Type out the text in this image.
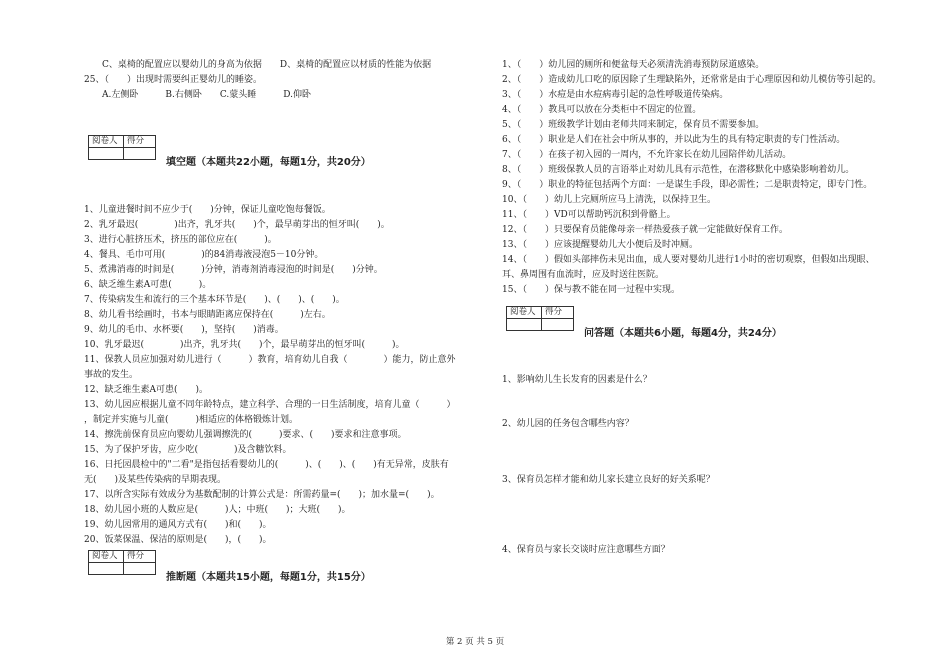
　　C、桌椅的配置应以婴幼儿的身高为依据　　D、桌椅的配置应以材质的性能为依据
25、（　　）出现时需要纠正婴幼儿的睡姿。
　　A.左侧卧　　　B.右侧卧　　C.蒙头睡　　　D.仰卧
阅卷人	得分

填空题（本题共22小题，每题1分，共20分）
1、儿童进餐时间不应少于(　　)分钟，保证儿童吃饱每餐饭。
2、乳牙最迟(　　　　)出齐，乳牙共(　　)个，最早萌芽出的恒牙叫(　　)。
3、进行心脏挤压术，挤压的部位应在(　　　)。
4、餐具、毛巾可用(　　　　)的84消毒液浸泡5－10分钟。
5、煮沸消毒的时间是(　　　)分钟，消毒剂消毒浸泡的时间是(　　)分钟。
6、缺乏维生素A可患(　　　)。
7、传染病发生和流行的三个基本环节是(　　)、(　　)、(　　)。
8、幼儿看书绘画时，书本与眼睛距离应保持在(　　　)左右。
9、幼儿的毛巾、水杯要(　　)，坚持(　　)消毒。
10、乳牙最迟(　　　　)出齐，乳牙共(　　)个，最早萌芽出的恒牙叫(　　　)。
11、保教人员应加强对幼儿进行（　　　）教育，培育幼儿自我（　　　　）能力，防止意外
事故的发生。
12、缺乏维生素A可患(　　)。
13、幼儿园应根据儿童不同年龄特点，建立科学、合理的一日生活制度，培育儿童（　　　）
，制定并实施与儿童(　　　)相适应的体格锻炼计划。
14、擦洗前保育员应向婴幼儿强调擦洗的(　　　)要求、(　　)要求和注意事项。
15、为了保护牙齿，应少吃(　　　　)及含糖饮料。
16、日托园晨检中的"二看"是指包括看婴幼儿的(　　　)、(　　)、(　　)有无异常，皮肤有
无(　　)及某些传染病的早期表现。
17、以所含实际有效成分为基数配制的计算公式是：所需药量=(　　)；加水量=(　　)。
18、幼儿园小班的人数应是(　　　)人；中班(　　)；大班(　　)。
19、幼儿园常用的通风方式有(　　)和(　　)。
20、饭菜保温、保洁的原则是(　　)，(　　)。
阅卷人	得分

推断题（本题共15小题，每题1分，共15分）
1、（　　）幼儿园的厕所和便盆每天必须清洗消毒预防尿道感染。
2、（　　）造成幼儿口吃的原因除了生理缺陷外，还常常是由于心理原因和幼儿模仿等引起的。
3、（　　）水痘是由水痘病毒引起的急性呼吸道传染病。
4、（　　）教具可以放在分类柜中不固定的位置。
5、（　　）班级教学计划由老师共同来制定，保育员不需要参加。
6、（　　）职业是人们在社会中所从事的，并以此为生的具有特定职责的专门性活动。
7、（　　）在孩子初入园的一周内，不允许家长在幼儿园陪伴幼儿活动。
8、（　　）班级保教人员的言语举止对幼儿具有示范性，在潜移默化中感染影响着幼儿。
9、（　　）职业的特征包括两个方面：一是谋生手段，即必需性；二是职责特定，即专门性。
10、（　　）幼儿上完厕所应马上清洗，以保持卫生。
11、（　　）VD可以帮助钙沉积到骨骼上。
12、（　　）只要保育员能像母亲一样热爱孩子就一定能做好保育工作。
13、（　　）应该提醒婴幼儿大小便后及时冲厕。
14、（　　）假如头部摔伤未见出血，成人要对婴幼儿进行1小时的密切观察，但假如出现眼、
耳、鼻周围有血流时，应及时送往医院。
15、（　　）保与教不能在同一过程中实现。
阅卷人	得分

问答题（本题共6小题，每题4分，共24分）
1、影响幼儿生长发育的因素是什么？
2、幼儿园的任务包含哪些内容？
3、保育员怎样才能和幼儿家长建立良好的好关系呢？
4、保育员与家长交谈时应注意哪些方面？
第 2 页 共 5 页
